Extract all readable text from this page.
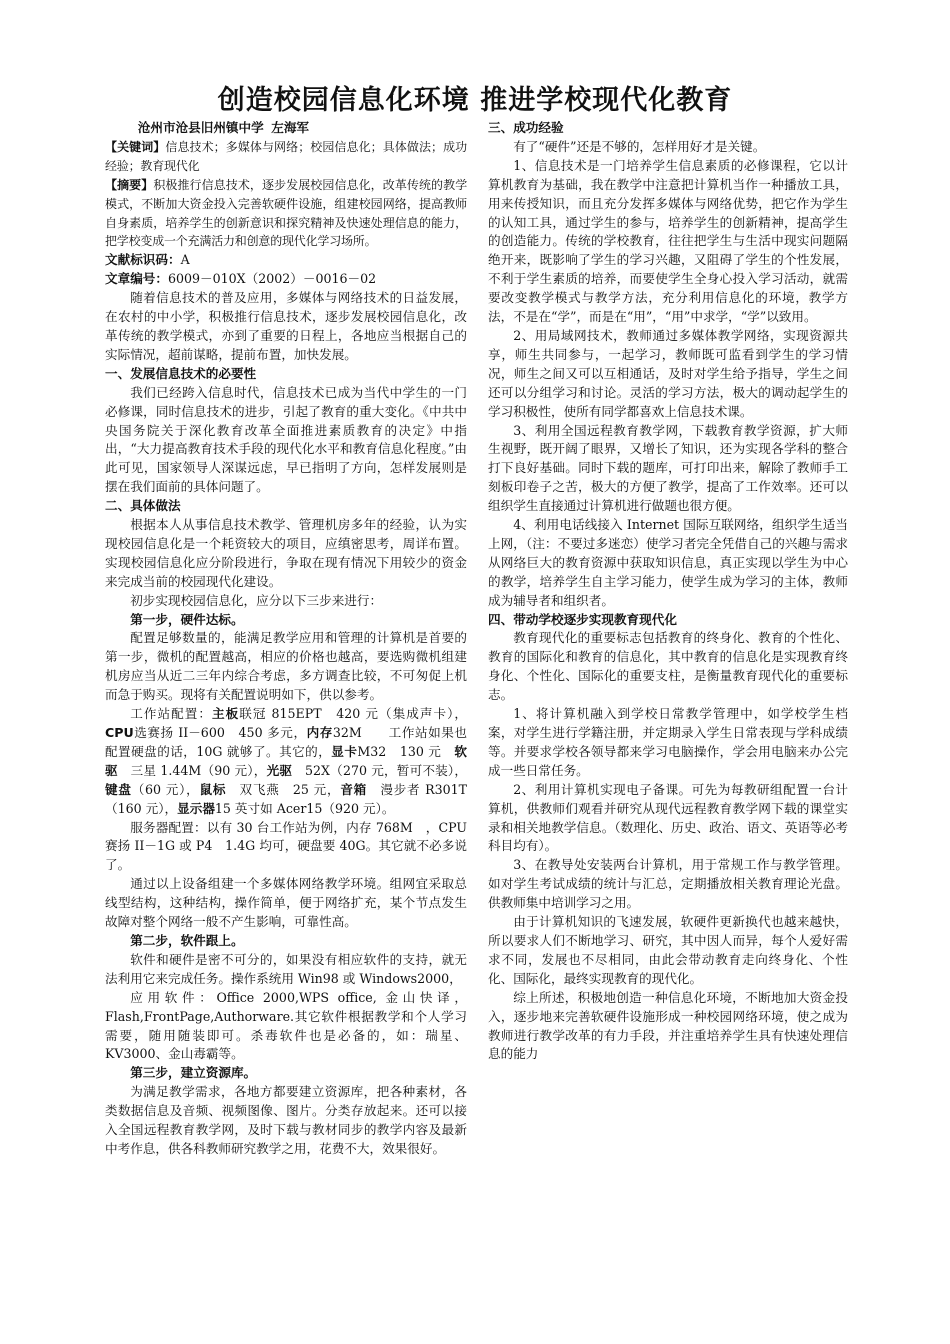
创造校园信息化环境 推进学校现代化教育

沧州市沧县旧州镇中学 左海军

【关键词】信息技术；多媒体与网络；校园信息化；具体做法；成功经验；教育现代化

【摘要】积极推行信息技术，逐步发展校园信息化，改革传统的教学模式，不断加大资金投入完善软硬件设施，组建校园网络，提高教师自身素质，培养学生的创新意识和探究精神及快速处理信息的能力，把学校变成一个充满活力和创意的现代化学习场所。

文献标识码：A

文章编号：6009－010X（2002）－0016－02

随着信息技术的普及应用，多媒体与网络技术的日益发展，在农村的中小学，积极推行信息技术，逐步发展校园信息化，改革传统的教学模式，亦到了重要的日程上，各地应当根据自己的实际情况，超前谋略，提前布置，加快发展。

一、发展信息技术的必要性

我们已经跨入信息时代，信息技术已成为当代中学生的一门必修课，同时信息技术的进步，引起了教育的重大变化。《中共中央国务院关于深化教育改革全面推进素质教育的决定》中指出，“大力提高教育技术手段的现代化水平和教育信息化程度。”由此可见，国家领导人深谋远虑，早已指明了方向，怎样发展则是摆在我们面前的具体问题了。

二、具体做法

根据本人从事信息技术教学、管理机房多年的经验，认为实现校园信息化是一个耗资较大的项目，应缜密思考，周详布置。实现校园信息化应分阶段进行，争取在现有情况下用较少的资金来完成当前的校园现代化建设。

初步实现校园信息化，应分以下三步来进行：

第一步，硬件达标。

配置足够数量的，能满足教学应用和管理的计算机是首要的第一步，微机的配置越高，相应的价格也越高，要选购微机组建机房应当从近二三年内综合考虑，多方调查比较，不可匆促上机而急于购买。现将有关配置说明如下，供以参考。

工作站配置：主板联冠 815EPT　420 元（集成声卡），CPU选赛扬 II－600　450 多元，内存32M　　工作站如果也配置硬盘的话，10G 就够了。其它的，显卡M32　130 元　软驱　三星 1.44M（90 元），光驱　52X（270 元，暂可不装），键盘（60 元），鼠标　双飞燕　25 元，音箱　漫步者 R301T（160 元），显示器15 英寸如 Acer15（920 元）。

服务器配置：以有 30 台工作站为例，内存 768M　，CPU 赛扬 II－1G 或 P4　1.4G 均可，硬盘要 40G。其它就不必多说了。

通过以上设备组建一个多媒体网络教学环境。组网宜采取总线型结构，这种结构，操作简单，便于网络扩充，某个节点发生故障对整个网络一般不产生影响，可靠性高。

第二步，软件跟上。

软件和硬件是密不可分的，如果没有相应软件的支持，就无法利用它来完成任务。操作系统用 Win98 或 Windows2000，

应用软件：Office 2000,WPS office, 金山快译，Flash,FrontPage,Authorware.其它软件根据教学和个人学习需要，随用随装即可。杀毒软件也是必备的，如：瑞星、KV3000、金山毒霸等。

第三步，建立资源库。

为满足教学需求，各地方都要建立资源库，把各种素材，各类数据信息及音频、视频图像、图片。分类存放起来。还可以接入全国远程教育教学网，及时下载与教材同步的教学内容及最新中考作息，供各科教师研究教学之用，花费不大，效果很好。

三、成功经验

有了“硬件”还是不够的，怎样用好才是关键。

1、信息技术是一门培养学生信息素质的必修课程，它以计算机教育为基础，我在教学中注意把计算机当作一种播放工具，用来传授知识，而且充分发挥多媒体与网络优势，把它作为学生的认知工具，通过学生的参与，培养学生的创新精神，提高学生的创造能力。传统的学校教育，往往把学生与生活中现实问题隔绝开来，既影响了学生的学习兴趣，又阻碍了学生的个性发展，不利于学生素质的培养，而要使学生全身心投入学习活动，就需要改变教学模式与教学方法，充分利用信息化的环境，教学方法，不是在“学”，而是在“用”，“用”中求学，“学”以致用。

2、用局域网技术，教师通过多媒体教学网络，实现资源共享，师生共同参与，一起学习，教师既可监看到学生的学习情况，师生之间又可以互相通话，及时对学生给予指导，学生之间还可以分组学习和讨论。灵活的学习方法，极大的调动起学生的学习积极性，使所有同学都喜欢上信息技术课。

3、利用全国远程教育教学网，下载教育教学资源，扩大师生视野，既开阔了眼界，又增长了知识，还为实现各学科的整合打下良好基础。同时下载的题库，可打印出来，解除了教师手工刻板印卷子之苦，极大的方便了教学，提高了工作效率。还可以组织学生直接通过计算机进行做题也很方便。

4、利用电话线接入 Internet 国际互联网络，组织学生适当上网，（注：不要过多迷恋）使学习者完全凭借自己的兴趣与需求从网络巨大的教育资源中获取知识信息，真正实现以学生为中心的教学，培养学生自主学习能力，使学生成为学习的主体，教师成为辅导者和组织者。

四、带动学校逐步实现教育现代化

教育现代化的重要标志包括教育的终身化、教育的个性化、教育的国际化和教育的信息化，其中教育的信息化是实现教育终身化、个性化、国际化的重要支柱，是衡量教育现代化的重要标志。

1、将计算机融入到学校日常教学管理中，如学校学生档案，对学生进行学籍注册，并定期录入学生日常表现与学科成绩等。并要求学校各领导都来学习电脑操作，学会用电脑来办公完成一些日常任务。

2、利用计算机实现电子备课。可先为每教研组配置一台计算机，供教师们观看并研究从现代远程教育教学网下载的课堂实录和相关地教学信息。（数理化、历史、政治、语文、英语等必考科目均有）。

3、在教导处安装两台计算机，用于常规工作与教学管理。如对学生考试成绩的统计与汇总，定期播放相关教育理论光盘。供教师集中培训学习之用。

由于计算机知识的飞速发展，软硬件更新换代也越来越快，所以要求人们不断地学习、研究，其中因人而异，每个人爱好需求不同，发展也不尽相同，由此会带动教育走向终身化、个性化、国际化，最终实现教育的现代化。

综上所述，积极地创造一种信息化环境，不断地加大资金投入，逐步地来完善软硬件设施形成一种校园网络环境，使之成为教师进行教学改革的有力手段，并注重培养学生具有快速处理信息的能力
